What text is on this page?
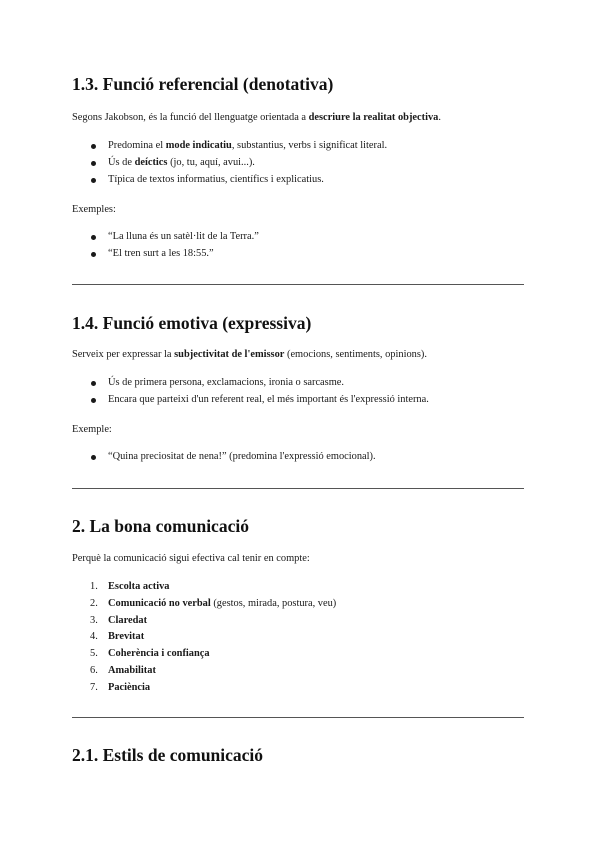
1.3. Funció referencial (denotativa)

Segons Jakobson, és la funció del llenguatge orientada a descriure la realitat objectiva.

Predomina el mode indicatiu, substantius, verbs i significat literal.
Ús de deíctics (jo, tu, aquí, avui...).
Típica de textos informatius, científics i explicatius.

Exemples:

“La lluna és un satèl·lit de la Terra.”
“El tren surt a les 18:55.”
1.4. Funció emotiva (expressiva)

Serveix per expressar la subjectivitat de l'emissor (emocions, sentiments, opinions).

Ús de primera persona, exclamacions, ironia o sarcasme.
Encara que parteixi d'un referent real, el més important és l'expressió interna.

Exemple:

“Quina preciositat de nena!” (predomina l'expressió emocional).
2. La bona comunicació

Perquè la comunicació sigui efectiva cal tenir en compte:

1. Escolta activa
2. Comunicació no verbal (gestos, mirada, postura, veu)
3. Claredat
4. Brevitat
5. Coherència i confiança
6. Amabilitat
7. Paciència
2.1. Estils de comunicació
